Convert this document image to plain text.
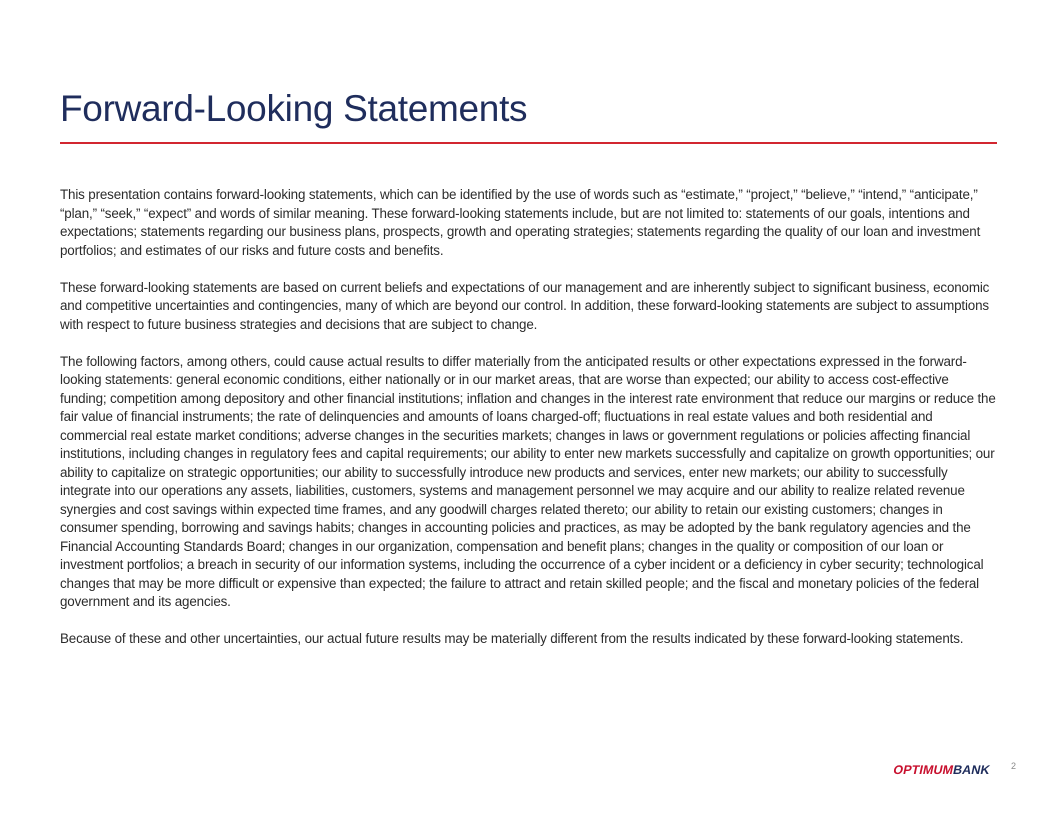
Forward-Looking Statements

This presentation contains forward-looking statements, which can be identified by the use of words such as “estimate,” “project,” “believe,” “intend,” “anticipate,” “plan,” “seek,” “expect” and words of similar meaning. These forward-looking statements include, but are not limited to: statements of our goals, intentions and expectations; statements regarding our business plans, prospects, growth and operating strategies; statements regarding the quality of our loan and investment portfolios; and estimates of our risks and future costs and benefits.

These forward-looking statements are based on current beliefs and expectations of our management and are inherently subject to significant business, economic and competitive uncertainties and contingencies, many of which are beyond our control. In addition, these forward-looking statements are subject to assumptions with respect to future business strategies and decisions that are subject to change.

The following factors, among others, could cause actual results to differ materially from the anticipated results or other expectations expressed in the forward-looking statements: general economic conditions, either nationally or in our market areas, that are worse than expected; our ability to access cost-effective funding; competition among depository and other financial institutions; inflation and changes in the interest rate environment that reduce our margins or reduce the fair value of financial instruments; the rate of delinquencies and amounts of loans charged-off; fluctuations in real estate values and both residential and commercial real estate market conditions; adverse changes in the securities markets; changes in laws or government regulations or policies affecting financial institutions, including changes in regulatory fees and capital requirements; our ability to enter new markets successfully and capitalize on growth opportunities; our ability to capitalize on strategic opportunities; our ability to successfully introduce new products and services, enter new markets; our ability to successfully integrate into our operations any assets, liabilities, customers, systems and management personnel we may acquire and our ability to realize related revenue synergies and cost savings within expected time frames, and any goodwill charges related thereto; our ability to retain our existing customers; changes in consumer spending, borrowing and savings habits; changes in accounting policies and practices, as may be adopted by the bank regulatory agencies and the Financial Accounting Standards Board; changes in our organization, compensation and benefit plans; changes in the quality or composition of our loan or investment portfolios; a breach in security of our information systems, including the occurrence of a cyber incident or a deficiency in cyber security; technological changes that may be more difficult or expensive than expected; the failure to attract and retain skilled people; and the fiscal and monetary policies of the federal government and its agencies.

Because of these and other uncertainties, our actual future results may be materially different from the results indicated by these forward-looking statements.

OPTIMUM
BANK 2
